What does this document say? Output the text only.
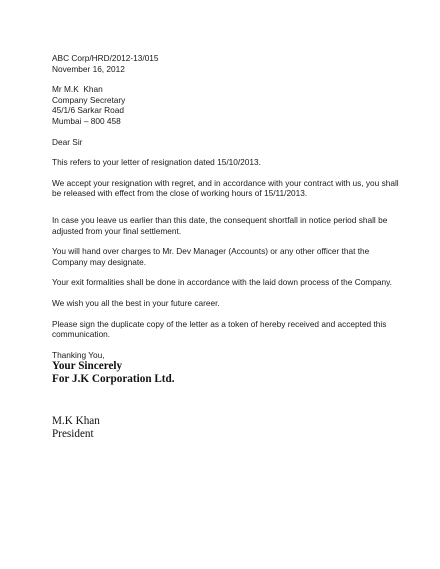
ABC Corp/HRD/2012-13/015
November 16, 2012
Mr M.K  Khan
Company Secretary
45/1/6 Sarkar Road
Mumbai – 800 458
Dear Sir
This refers to your letter of resignation dated 15/10/2013.
We accept your resignation with regret, and in accordance with your contract with us, you shall
be released with effect from the close of working hours of 15/11/2013.
In case you leave us earlier than this date, the consequent shortfall in notice period shall be
adjusted from your final settlement.
You will hand over charges to Mr. Dev Manager (Accounts) or any other officer that the
Company may designate.
Your exit formalities shall be done in accordance with the laid down process of the Company.
We wish you all the best in your future career.
Please sign the duplicate copy of the letter as a token of hereby received and accepted this
communication.
Thanking You,
Your Sincerely
For J.K Corporation Ltd.
M.K Khan
President
